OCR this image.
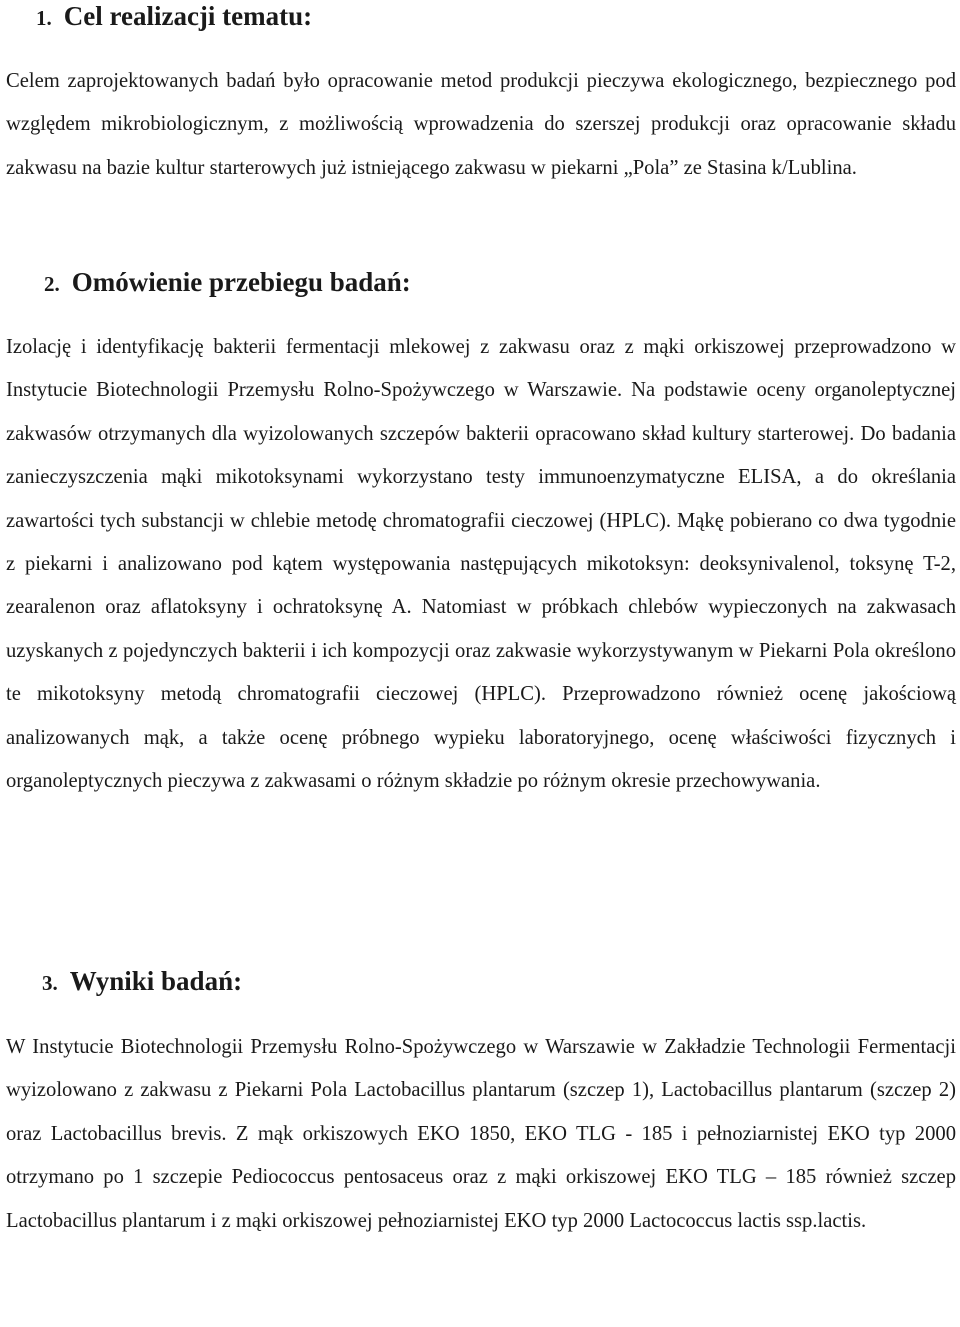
1. Cel realizacji tematu:

Celem zaprojektowanych badań było opracowanie metod produkcji pieczywa ekologicznego, bezpiecznego pod względem mikrobiologicznym, z możliwością wprowadzenia do szerszej produkcji oraz opracowanie składu zakwasu na bazie kultur starterowych już istniejącego zakwasu w piekarni „Pola” ze Stasina k/Lublina.

2. Omówienie przebiegu badań:

Izolację i identyfikację bakterii fermentacji mlekowej z zakwasu oraz z mąki orkiszowej przeprowadzono w Instytucie Biotechnologii Przemysłu Rolno-Spożywczego w Warszawie. Na podstawie oceny organoleptycznej zakwasów otrzymanych dla wyizolowanych szczepów bakterii opracowano skład kultury starterowej. Do badania zanieczyszczenia mąki mikotoksynami wykorzystano testy immunoenzymatyczne ELISA, a do określania zawartości tych substancji w chlebie metodę chromatografii cieczowej (HPLC). Mąkę pobierano co dwa tygodnie z piekarni i analizowano pod kątem występowania następujących mikotoksyn: deoksynivalenol, toksynę T-2, zearalenon oraz aflatoksyny i ochratoksynę A. Natomiast w próbkach chlebów wypieczonych na zakwasach uzyskanych z pojedynczych bakterii i ich kompozycji oraz zakwasie wykorzystywanym w Piekarni Pola określono te mikotoksyny metodą chromatografii cieczowej (HPLC). Przeprowadzono również ocenę jakościową analizowanych mąk, a także ocenę próbnego wypieku laboratoryjnego, ocenę właściwości fizycznych i organoleptycznych pieczywa z zakwasami o różnym składzie po różnym okresie przechowywania.

3. Wyniki badań:

W Instytucie Biotechnologii Przemysłu Rolno-Spożywczego w Warszawie w Zakładzie Technologii Fermentacji wyizolowano z zakwasu z Piekarni Pola Lactobacillus plantarum (szczep 1), Lactobacillus plantarum (szczep 2) oraz Lactobacillus brevis. Z mąk orkiszowych EKO 1850, EKO TLG - 185 i pełnoziarnistej EKO typ 2000 otrzymano po 1 szczepie Pediococcus pentosaceus oraz z mąki orkiszowej EKO TLG – 185 również szczep Lactobacillus plantarum i z mąki orkiszowej pełnoziarnistej EKO typ 2000 Lactococcus lactis ssp.lactis.
